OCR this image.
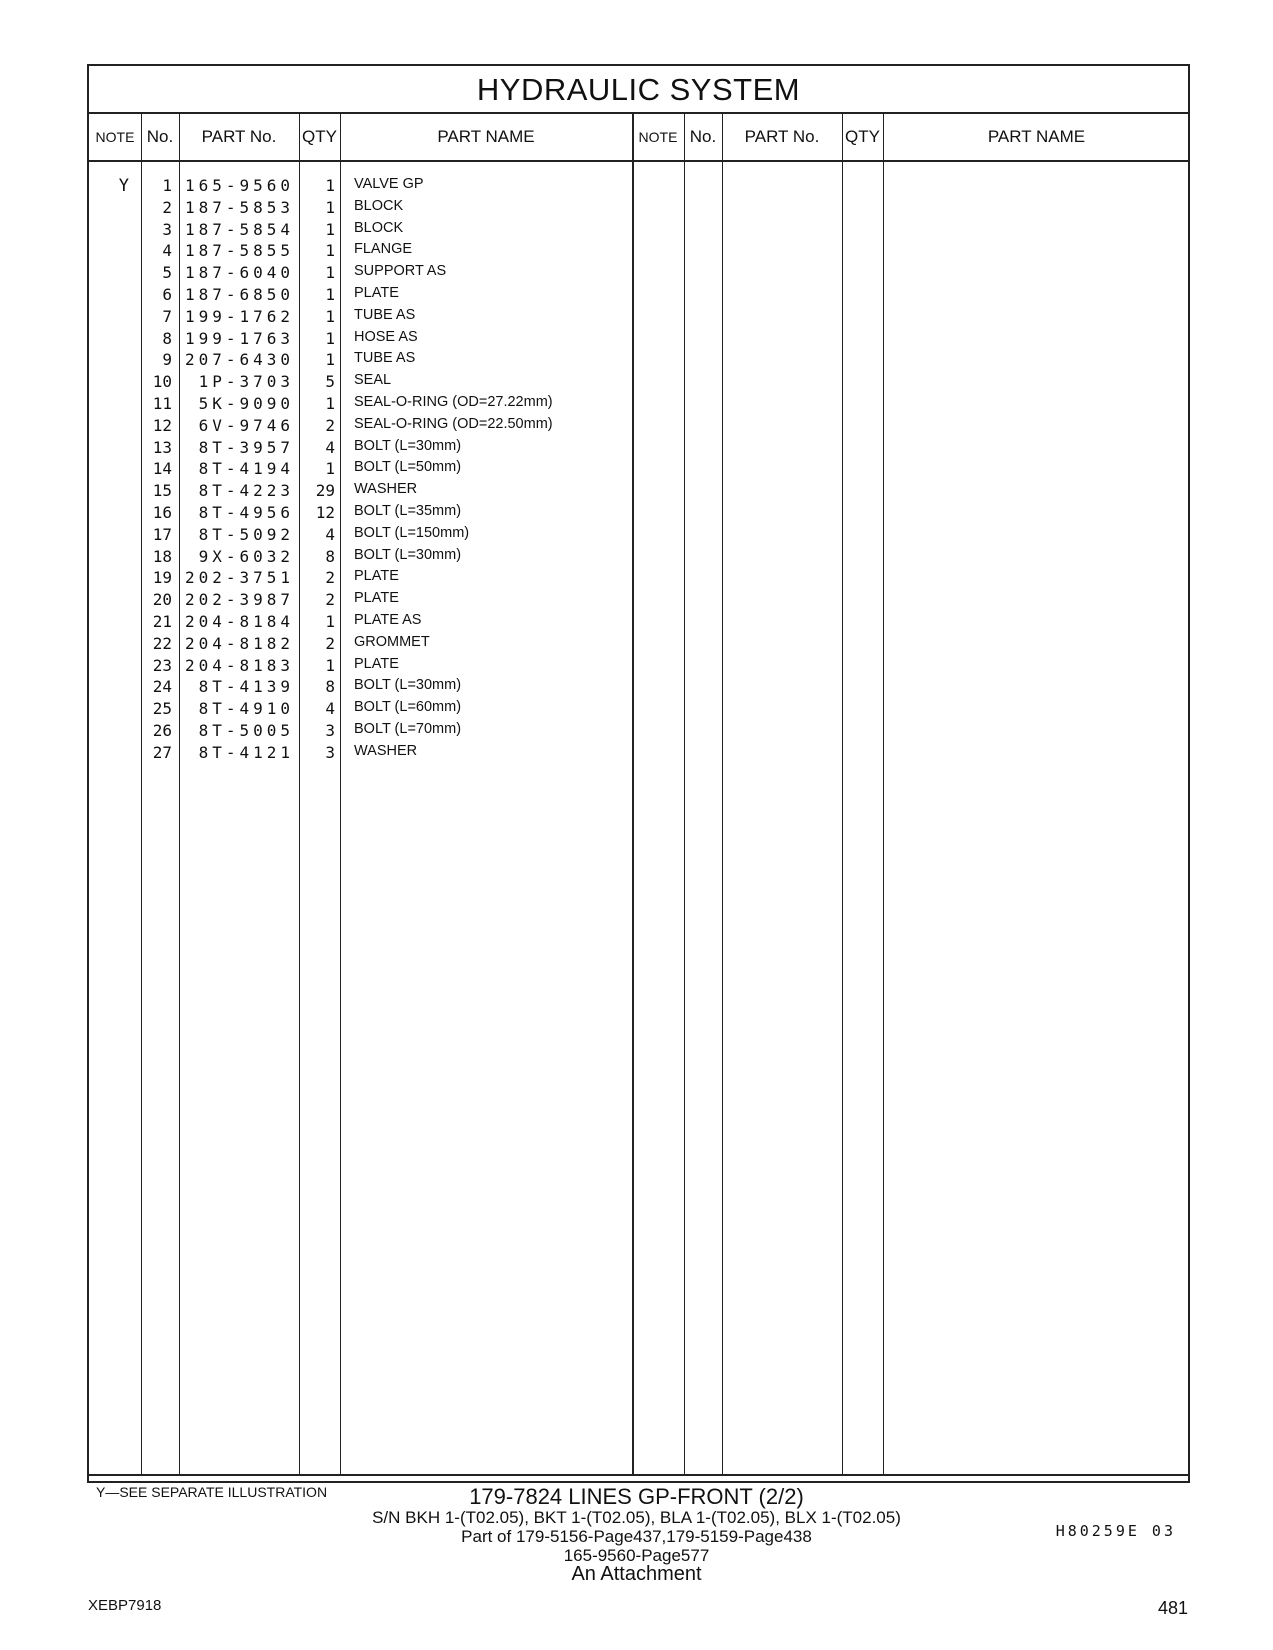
HYDRAULIC SYSTEM
NOTE No.	PART No.	QTY	PART NAME	NOTE No.	PART No.	QTY	PART NAME
Y	1 165-9560	1 VALVE GP
2 187-5853	1 BLOCK
3 187-5854	1 BLOCK
4 187-5855	1 FLANGE
5 187-6040	1 SUPPORT AS
6 187-6850	1 PLATE
7 199-1762	1 TUBE AS
8 199-1763	1 HOSE AS
9 207-6430	1 TUBE AS
10	1P-3703	5 SEAL
11	5K-9090	1 SEAL-O-RING (OD=27.22mm)
12	6V-9746	2 SEAL-O-RING (OD=22.50mm)
13	8T-3957	4 BOLT (L=30mm)
14	8T-4194	1 BOLT (L=50mm)
15	8T-4223	29 WASHER
16	8T-4956	12 BOLT (L=35mm)
17	8T-5092	4 BOLT (L=150mm)
18	9X-6032	8 BOLT (L=30mm)
19 202-3751	2 PLATE
20 202-3987	2 PLATE
21 204-8184	1 PLATE AS
22 204-8182	2 GROMMET
23 204-8183	1 PLATE
24	8T-4139	8 BOLT (L=30mm)
25	8T-4910	4 BOLT (L=60mm)
26	8T-5005	3 BOLT (L=70mm)
27	8T-4121	3 WASHER
Y—SEE SEPARATE ILLUSTRATION
H80259E 03
179-7824 LINES GP-FRONT (2/2)
S/N BKH 1-(T02.05), BKT 1-(T02.05), BLA 1-(T02.05), BLX 1-(T02.05)
Part of 179-5156-Page437,179-5159-Page438
165-9560-Page577
An Attachment
XEBP7918	481
